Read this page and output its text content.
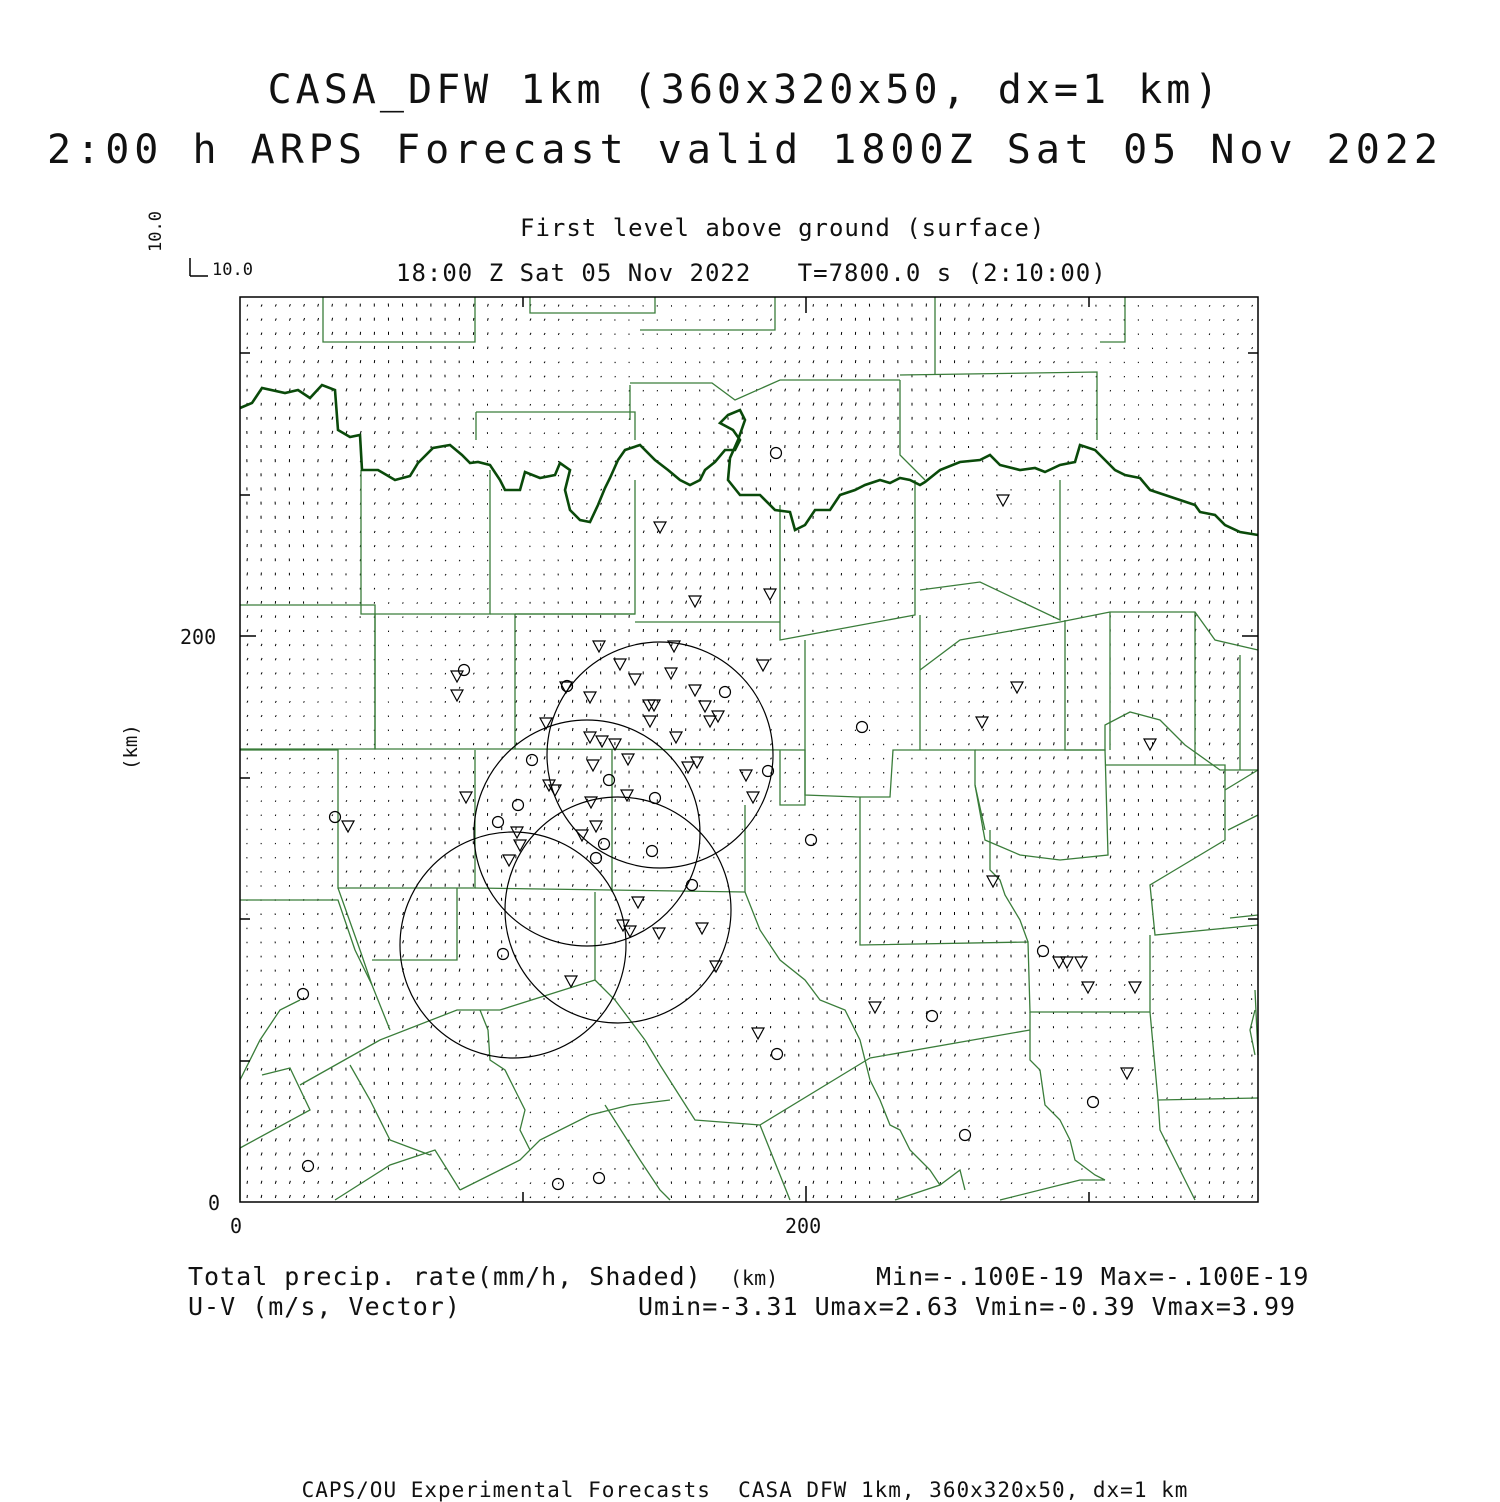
CASA_DFW 1km (360x320x50, dx=1 km)
2:00 h ARPS Forecast valid 1800Z Sat 05 Nov 2022
First level above ground (surface)
18:00 Z Sat 05 Nov 2022   T=7800.0 s (2:10:00)
10.0
10.0
(km)
200
0
0	200
(km)
Total precip. rate(mm/h, Shaded)
U-V (m/s, Vector)
Min=-.100E-19 Max=-.100E-19
Umin=-3.31 Umax=2.63 Vmin=-0.39 Vmax=3.99
CAPS/OU Experimental Forecasts  CASA DFW 1km, 360x320x50, dx=1 km
